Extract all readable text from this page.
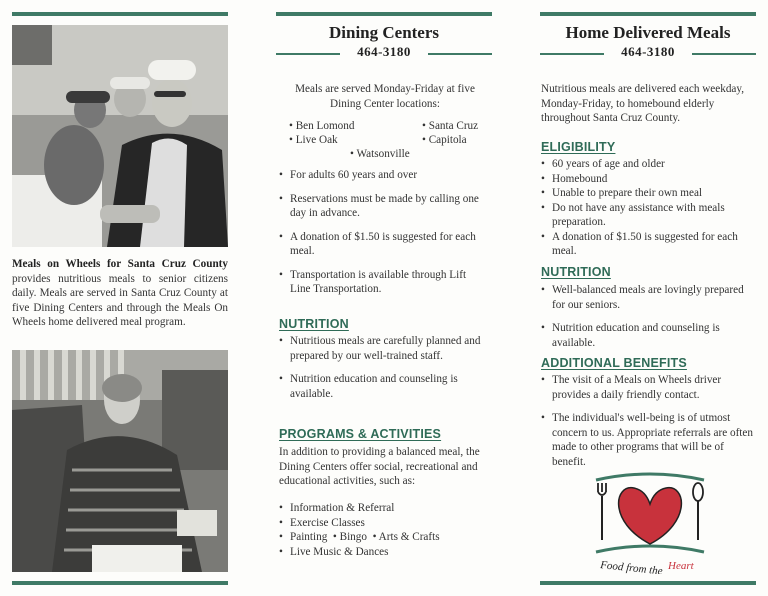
Meals on Wheels for Santa Cruz County provides nutritious meals to senior citizens daily. Meals are served in Santa Cruz County at five Dining Centers and through the Meals On Wheels home delivered meal program.

Dining Centers
464-3180

Meals are served Monday-Friday at five Dining Center locations:

• Ben Lomond	• Santa Cruz
• Live Oak	• Capitola
• Watsonville
• For adults 60 years and over
• Reservations must be made by calling one day in advance.
• A donation of $1.50 is suggested for each meal.
• Transportation is available through Lift Line Transportation.
NUTRITION
• Nutritious meals are carefully planned and prepared by our well-trained staff.
• Nutrition education and counseling is available.
PROGRAMS & ACTIVITIES

In addition to providing a balanced meal, the Dining Centers offer social, recreational and educational activities, such as:

• Information & Referral
• Exercise Classes
• Painting  • Bingo  • Arts & Crafts
• Live Music & Dances
Home Delivered Meals
464-3180

Nutritious meals are delivered each weekday, Monday-Friday, to homebound elderly throughout Santa Cruz County.

ELIGIBILITY
• 60 years of age and older
• Homebound
• Unable to prepare their own meal
• Do not have any assistance with meals preparation.
• A donation of $1.50 is suggested for each meal.
NUTRITION
• Well-balanced meals are lovingly prepared for our seniors.
• Nutrition education and counseling is available.
ADDITIONAL BENEFITS
• The visit of a Meals on Wheels driver provides a daily friendly contact.
• The individual's well-being is of utmost concern to us. Appropriate referrals are often made to other programs that will be of benefit.
Food from the Heart
